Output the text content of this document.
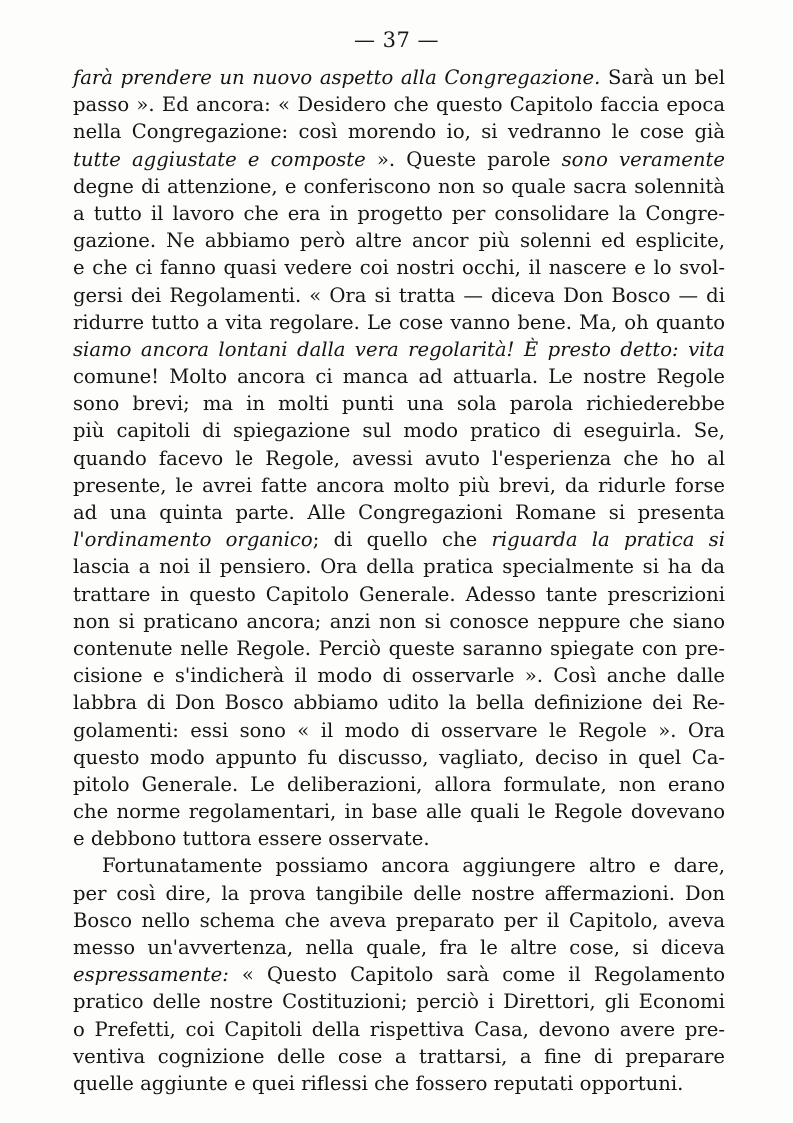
— 37 —
farà prendere un nuovo aspetto alla Congregazione. Sarà un bel
passo ». Ed ancora: « Desidero che questo Capitolo faccia epoca
nella Congregazione: così morendo io, si vedranno le cose già
tutte aggiustate e composte ». Queste parole sono veramente
degne di attenzione, e conferiscono non so quale sacra solennità
a tutto il lavoro che era in progetto per consolidare la Congre-
gazione. Ne abbiamo però altre ancor più solenni ed esplicite,
e che ci fanno quasi vedere coi nostri occhi, il nascere e lo svol-
gersi dei Regolamenti. « Ora si tratta — diceva Don Bosco — di
ridurre tutto a vita regolare. Le cose vanno bene. Ma, oh quanto
siamo ancora lontani dalla vera regolarità! È presto detto: vita
comune! Molto ancora ci manca ad attuarla. Le nostre Regole
sono brevi; ma in molti punti una sola parola richiederebbe
più capitoli di spiegazione sul modo pratico di eseguirla. Se,
quando facevo le Regole, avessi avuto l'esperienza che ho al
presente, le avrei fatte ancora molto più brevi, da ridurle forse
ad una quinta parte. Alle Congregazioni Romane si presenta
l'ordinamento organico; di quello che riguarda la pratica si
lascia a noi il pensiero. Ora della pratica specialmente si ha da
trattare in questo Capitolo Generale. Adesso tante prescrizioni
non si praticano ancora; anzi non si conosce neppure che siano
contenute nelle Regole. Perciò queste saranno spiegate con pre-
cisione e s'indicherà il modo di osservarle ». Così anche dalle
labbra di Don Bosco abbiamo udito la bella definizione dei Re-
golamenti: essi sono « il modo di osservare le Regole ». Ora
questo modo appunto fu discusso, vagliato, deciso in quel Ca-
pitolo Generale. Le deliberazioni, allora formulate, non erano
che norme regolamentari, in base alle quali le Regole dovevano
e debbono tuttora essere osservate.
Fortunatamente possiamo ancora aggiungere altro e dare,
per così dire, la prova tangibile delle nostre affermazioni. Don
Bosco nello schema che aveva preparato per il Capitolo, aveva
messo un'avvertenza, nella quale, fra le altre cose, si diceva
espressamente: « Questo Capitolo sarà come il Regolamento
pratico delle nostre Costituzioni; perciò i Direttori, gli Economi
o Prefetti, coi Capitoli della rispettiva Casa, devono avere pre-
ventiva cognizione delle cose a trattarsi, a fine di preparare
quelle aggiunte e quei riflessi che fossero reputati opportuni.
